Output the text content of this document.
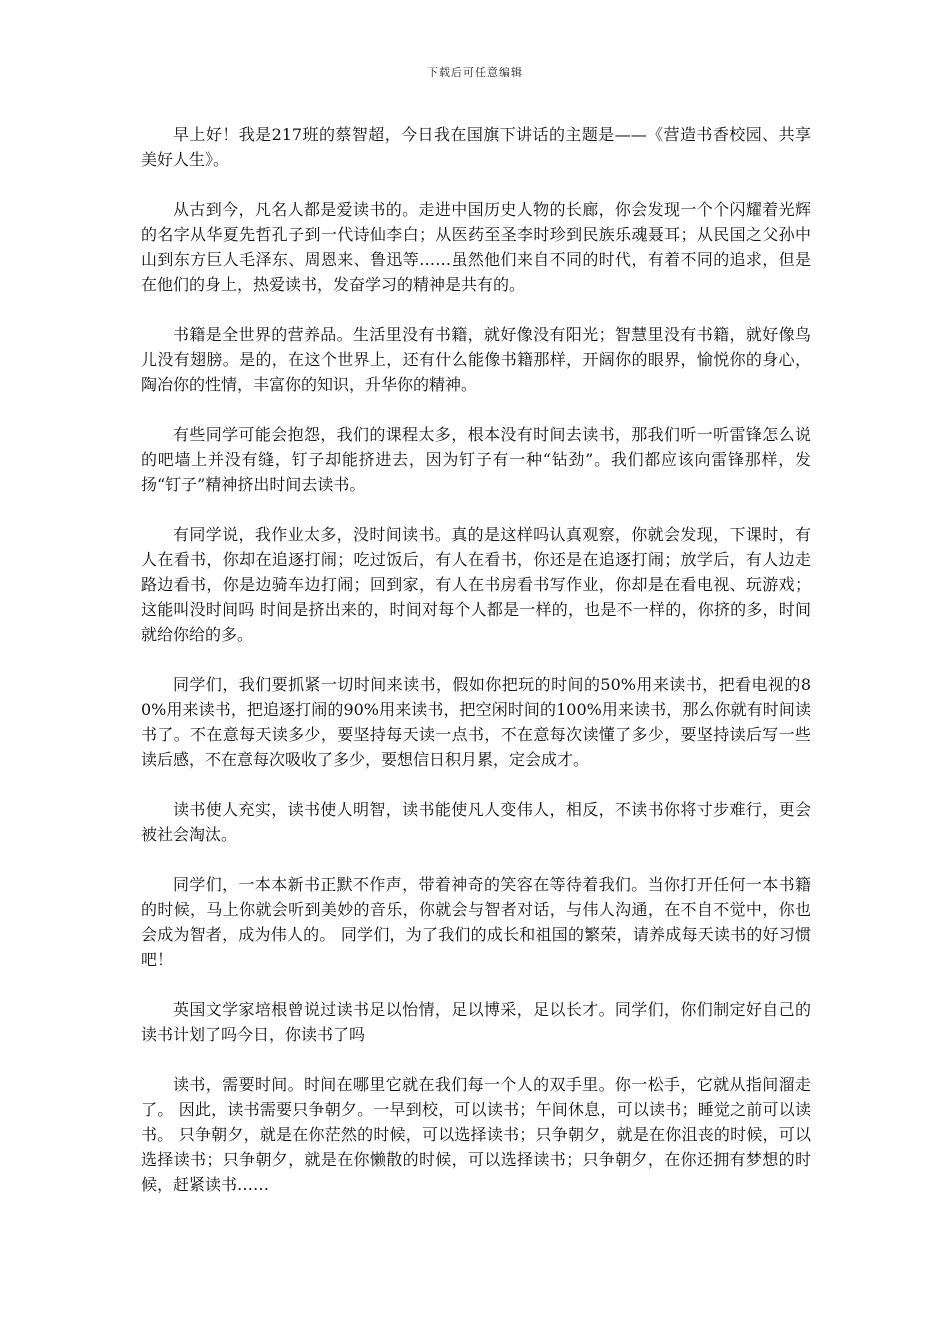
下载后可任意编辑

早上好！我是217班的蔡智超，今日我在国旗下讲话的主题是——《营造书香校园、共享美好人生》。

从古到今，凡名人都是爱读书的。走进中国历史人物的长廊，你会发现一个个闪耀着光辉的名字从华夏先哲孔子到一代诗仙李白；从医药至圣李时珍到民族乐魂聂耳；从民国之父孙中山到东方巨人毛泽东、周恩来、鲁迅等……虽然他们来自不同的时代，有着不同的追求，但是在他们的身上，热爱读书，发奋学习的精神是共有的。

书籍是全世界的营养品。生活里没有书籍，就好像没有阳光；智慧里没有书籍，就好像鸟儿没有翅膀。是的，在这个世界上，还有什么能像书籍那样，开阔你的眼界，愉悦你的身心，陶冶你的性情，丰富你的知识，升华你的精神。

有些同学可能会抱怨，我们的课程太多，根本没有时间去读书，那我们听一听雷锋怎么说的吧墙上并没有缝，钉子却能挤进去，因为钉子有一种“钻劲”。我们都应该向雷锋那样，发扬“钉子”精神挤出时间去读书。

有同学说，我作业太多，没时间读书。真的是这样吗认真观察，你就会发现，下课时，有人在看书，你却在追逐打闹；吃过饭后，有人在看书，你还是在追逐打闹；放学后，有人边走路边看书，你是边骑车边打闹；回到家，有人在书房看书写作业，你却是在看电视、玩游戏；这能叫没时间吗 时间是挤出来的，时间对每个人都是一样的，也是不一样的，你挤的多，时间就给你给的多。

同学们，我们要抓紧一切时间来读书，假如你把玩的时间的50%用来读书，把看电视的80%用来读书，把追逐打闹的90%用来读书，把空闲时间的100%用来读书，那么你就有时间读书了。不在意每天读多少，要坚持每天读一点书，不在意每次读懂了多少，要坚持读后写一些读后感，不在意每次吸收了多少，要想信日积月累，定会成才。

读书使人充实，读书使人明智，读书能使凡人变伟人，相反，不读书你将寸步难行，更会被社会淘汰。

同学们，一本本新书正默不作声，带着神奇的笑容在等待着我们。当你打开任何一本书籍的时候，马上你就会听到美妙的音乐，你就会与智者对话，与伟人沟通，在不自不觉中，你也会成为智者，成为伟人的。 同学们，为了我们的成长和祖国的繁荣，请养成每天读书的好习惯吧！

英国文学家培根曾说过读书足以怡情，足以博采，足以长才。同学们，你们制定好自己的读书计划了吗今日，你读书了吗

读书，需要时间。时间在哪里它就在我们每一个人的双手里。你一松手，它就从指间溜走了。 因此，读书需要只争朝夕。一早到校，可以读书；午间休息，可以读书；睡觉之前可以读书。 只争朝夕，就是在你茫然的时候，可以选择读书；只争朝夕，就是在你沮丧的时候，可以选择读书；只争朝夕，就是在你懒散的时候，可以选择读书；只争朝夕，在你还拥有梦想的时候，赶紧读书……
